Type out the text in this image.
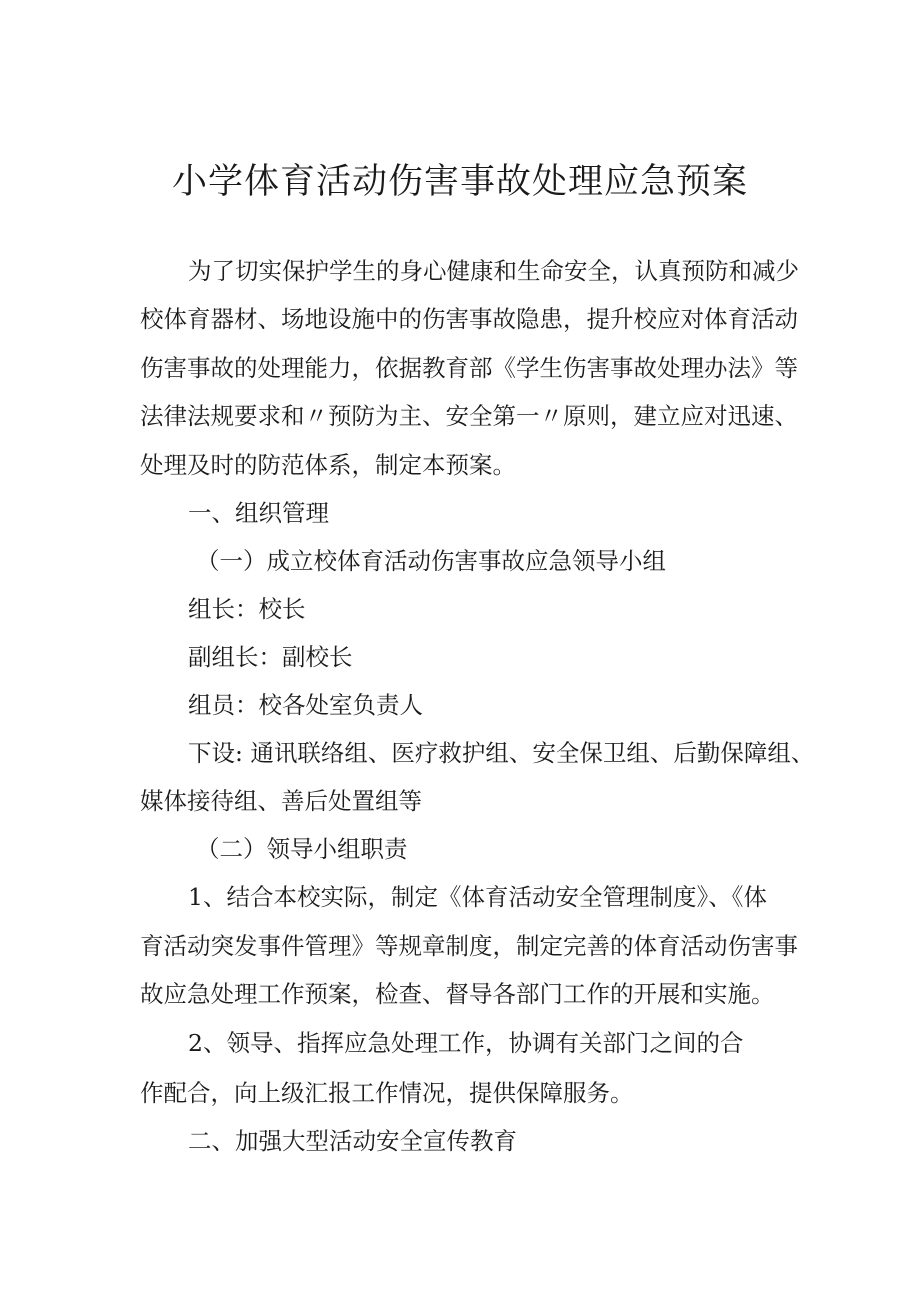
小学体育活动伤害事故处理应急预案
为了切实保护学生的身心健康和生命安全，认真预防和减少
校体育器材、场地设施中的伤害事故隐患，提升校应对体育活动
伤害事故的处理能力，依据教育部《学生伤害事故处理办法》等
法律法规要求和〃预防为主、安全第一〃原则，建立应对迅速、
处理及时的防范体系，制定本预案。
一、组织管理
（一）成立校体育活动伤害事故应急领导小组
组长：校长
副组长：副校长
组员：校各处室负责人
下设: 通讯联络组、医疗救护组、安全保卫组、后勤保障组、
媒体接待组、善后处置组等
（二）领导小组职责
1、结合本校实际，制定《体育活动安全管理制度》、《体
育活动突发事件管理》等规章制度，制定完善的体育活动伤害事
故应急处理工作预案，检查、督导各部门工作的开展和实施。
2、领导、指挥应急处理工作，协调有关部门之间的合
作配合，向上级汇报工作情况，提供保障服务。
二、加强大型活动安全宣传教育
